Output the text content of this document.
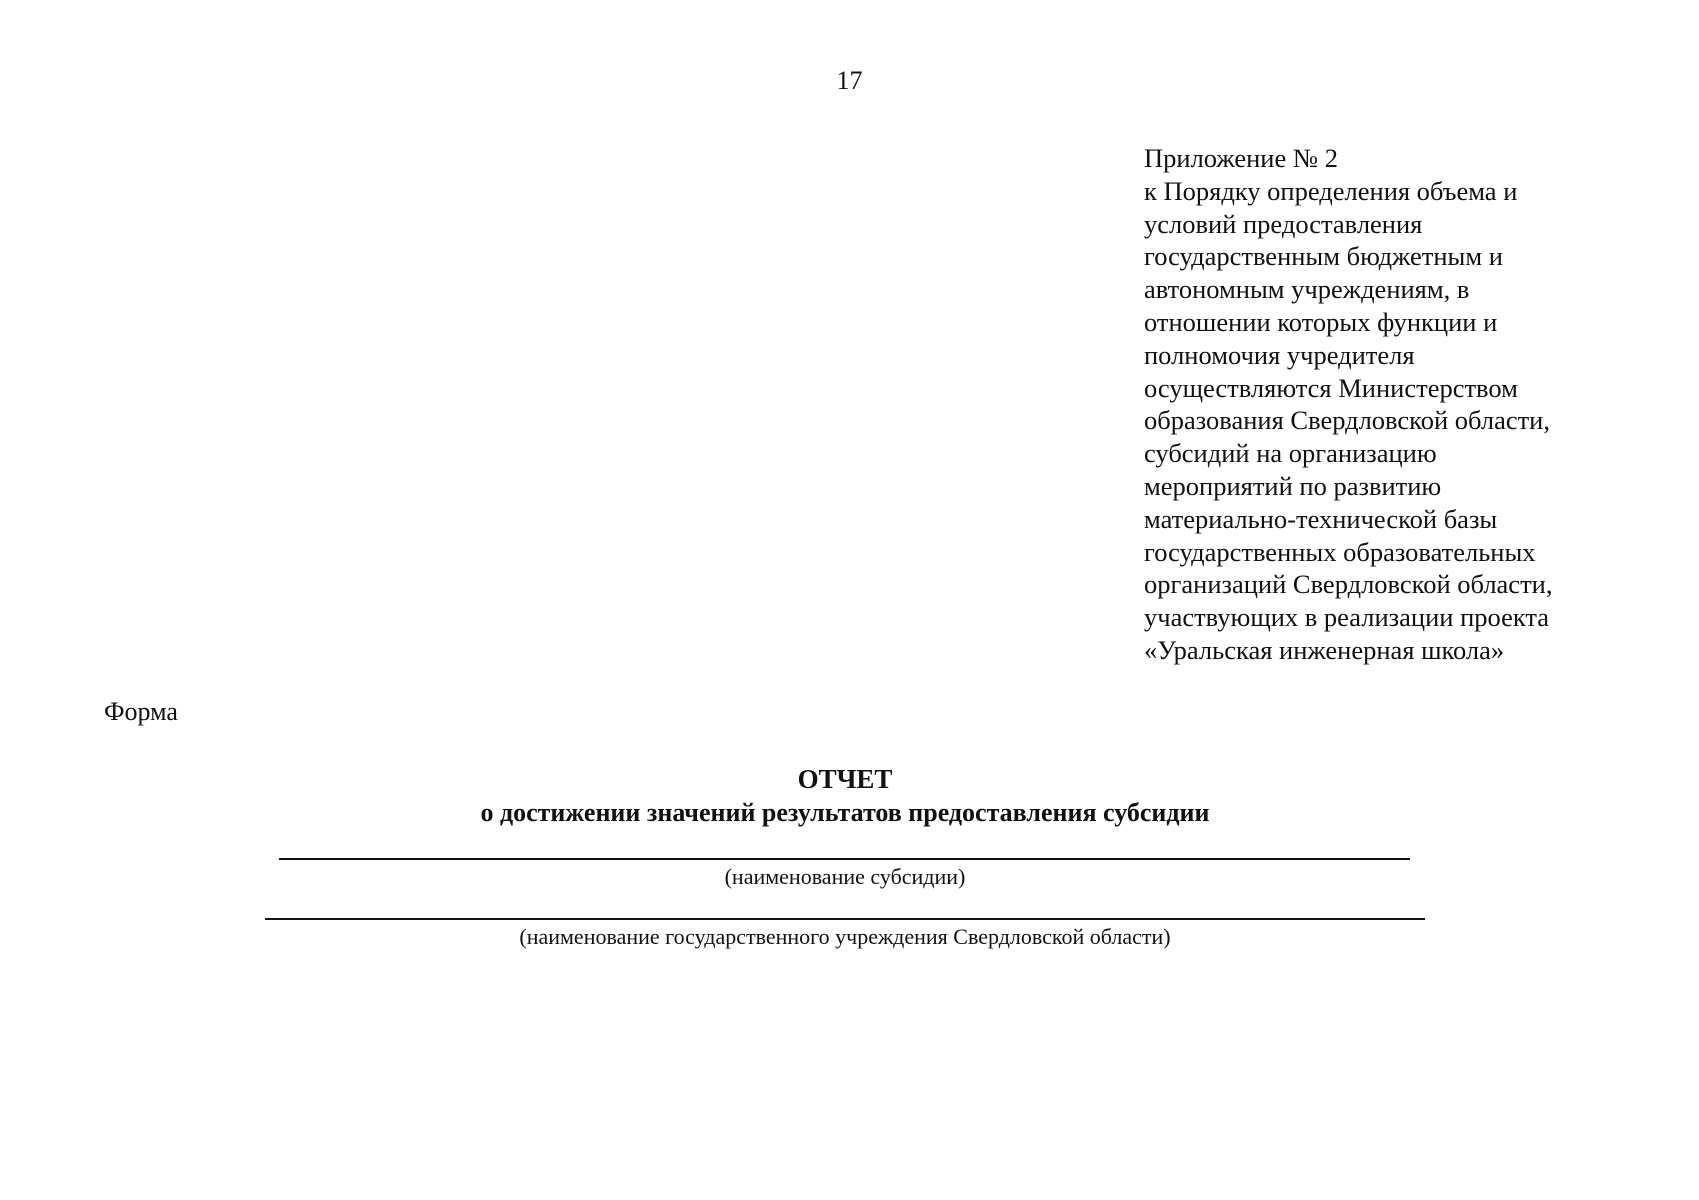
17
Приложение № 2
к Порядку определения объема и
условий предоставления
государственным бюджетным и
автономным учреждениям, в
отношении которых функции и
полномочия учредителя
осуществляются Министерством
образования Свердловской области,
субсидий на организацию
мероприятий по развитию
материально-технической базы
государственных образовательных
организаций Свердловской области,
участвующих в реализации проекта
«Уральская инженерная школа»
Форма
ОТЧЕТ
о достижении значений результатов предоставления субсидии
(наименование субсидии)
(наименование государственного учреждения Свердловской области)
